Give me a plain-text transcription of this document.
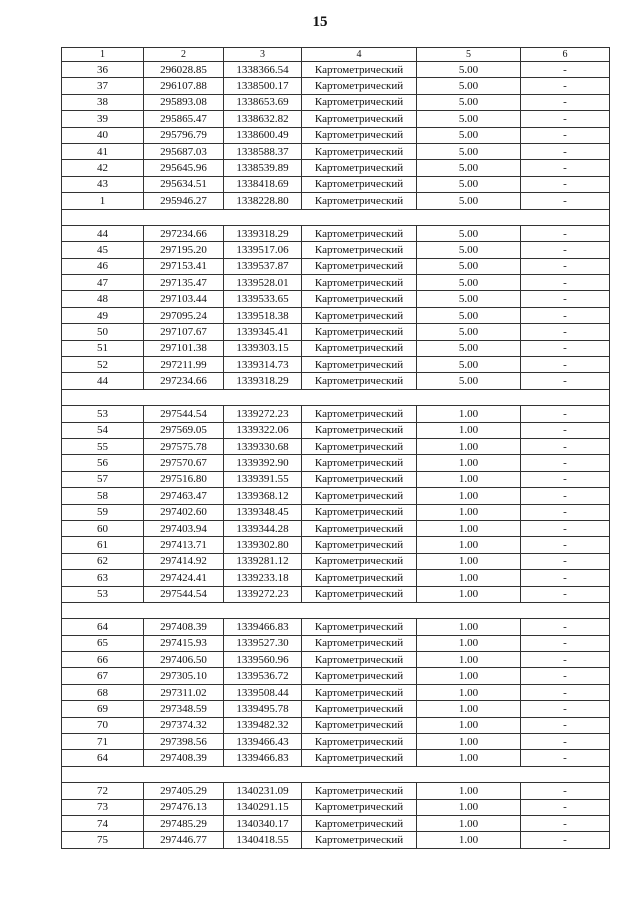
15
1	2	3	4	5	6
36	296028.85	1338366.54	Картометрический	5.00	-
37	296107.88	1338500.17	Картометрический	5.00	-
38	295893.08	1338653.69	Картометрический	5.00	-
39	295865.47	1338632.82	Картометрический	5.00	-
40	295796.79	1338600.49	Картометрический	5.00	-
41	295687.03	1338588.37	Картометрический	5.00	-
42	295645.96	1338539.89	Картометрический	5.00	-
43	295634.51	1338418.69	Картометрический	5.00	-
1	295946.27	1338228.80	Картометрический	5.00	-

44	297234.66	1339318.29	Картометрический	5.00	-
45	297195.20	1339517.06	Картометрический	5.00	-
46	297153.41	1339537.87	Картометрический	5.00	-
47	297135.47	1339528.01	Картометрический	5.00	-
48	297103.44	1339533.65	Картометрический	5.00	-
49	297095.24	1339518.38	Картометрический	5.00	-
50	297107.67	1339345.41	Картометрический	5.00	-
51	297101.38	1339303.15	Картометрический	5.00	-
52	297211.99	1339314.73	Картометрический	5.00	-
44	297234.66	1339318.29	Картометрический	5.00	-

53	297544.54	1339272.23	Картометрический	1.00	-
54	297569.05	1339322.06	Картометрический	1.00	-
55	297575.78	1339330.68	Картометрический	1.00	-
56	297570.67	1339392.90	Картометрический	1.00	-
57	297516.80	1339391.55	Картометрический	1.00	-
58	297463.47	1339368.12	Картометрический	1.00	-
59	297402.60	1339348.45	Картометрический	1.00	-
60	297403.94	1339344.28	Картометрический	1.00	-
61	297413.71	1339302.80	Картометрический	1.00	-
62	297414.92	1339281.12	Картометрический	1.00	-
63	297424.41	1339233.18	Картометрический	1.00	-
53	297544.54	1339272.23	Картометрический	1.00	-

64	297408.39	1339466.83	Картометрический	1.00	-
65	297415.93	1339527.30	Картометрический	1.00	-
66	297406.50	1339560.96	Картометрический	1.00	-
67	297305.10	1339536.72	Картометрический	1.00	-
68	297311.02	1339508.44	Картометрический	1.00	-
69	297348.59	1339495.78	Картометрический	1.00	-
70	297374.32	1339482.32	Картометрический	1.00	-
71	297398.56	1339466.43	Картометрический	1.00	-
64	297408.39	1339466.83	Картометрический	1.00	-

72	297405.29	1340231.09	Картометрический	1.00	-
73	297476.13	1340291.15	Картометрический	1.00	-
74	297485.29	1340340.17	Картометрический	1.00	-
75	297446.77	1340418.55	Картометрический	1.00	-
